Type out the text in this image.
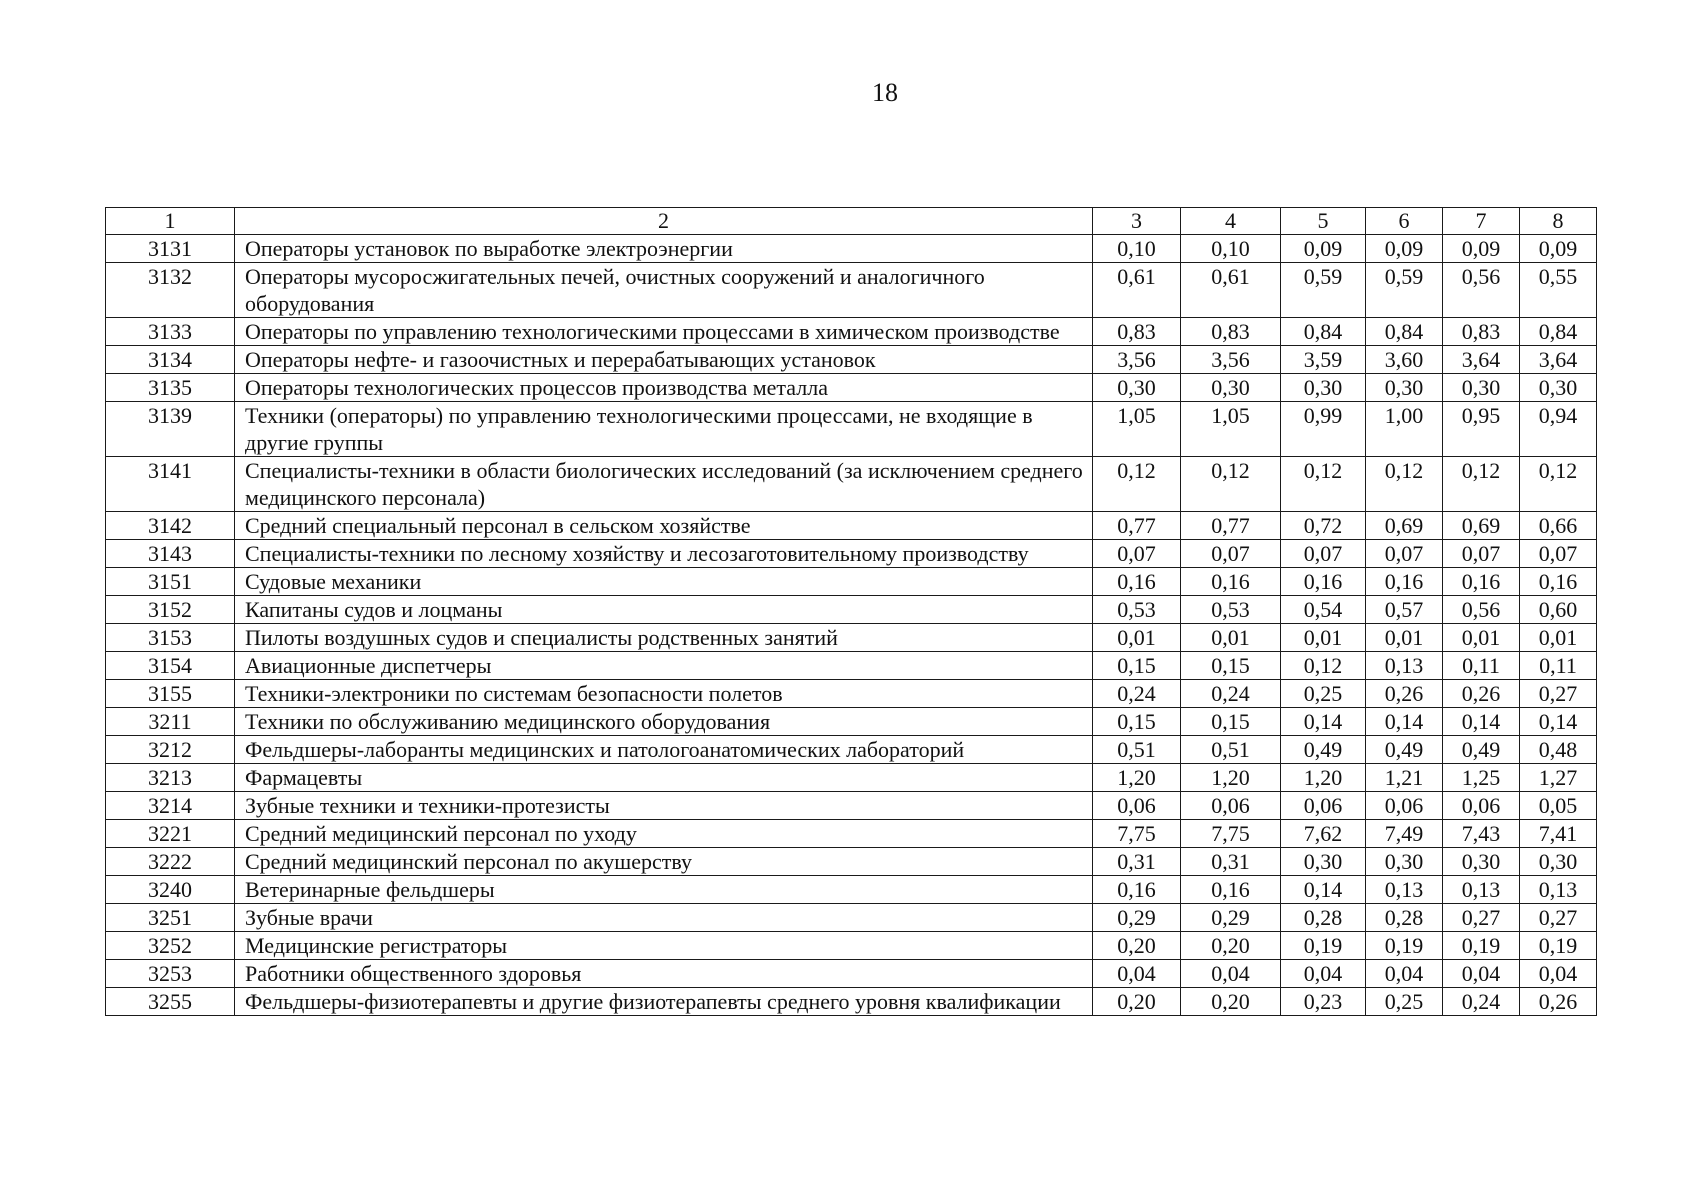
18
1	2	3	4	5	6	7	8
3131	Операторы установок по выработке электроэнергии	0,10	0,10	0,09	0,09	0,09	0,09
3132	Операторы мусоросжигательных печей, очистных сооружений и аналогичного оборудования	0,61	0,61	0,59	0,59	0,56	0,55
3133	Операторы по управлению технологическими процессами в химическом производстве	0,83	0,83	0,84	0,84	0,83	0,84
3134	Операторы нефте- и газоочистных и перерабатывающих установок	3,56	3,56	3,59	3,60	3,64	3,64
3135	Операторы технологических процессов производства металла	0,30	0,30	0,30	0,30	0,30	0,30
3139	Техники (операторы) по управлению технологическими процессами, не входящие в другие группы	1,05	1,05	0,99	1,00	0,95	0,94
3141	Специалисты-техники в области биологических исследований (за исключением среднего медицинского персонала)	0,12	0,12	0,12	0,12	0,12	0,12
3142	Средний специальный персонал в сельском хозяйстве	0,77	0,77	0,72	0,69	0,69	0,66
3143	Специалисты-техники по лесному хозяйству и лесозаготовительному производству	0,07	0,07	0,07	0,07	0,07	0,07
3151	Судовые механики	0,16	0,16	0,16	0,16	0,16	0,16
3152	Капитаны судов и лоцманы	0,53	0,53	0,54	0,57	0,56	0,60
3153	Пилоты воздушных судов и специалисты родственных занятий	0,01	0,01	0,01	0,01	0,01	0,01
3154	Авиационные диспетчеры	0,15	0,15	0,12	0,13	0,11	0,11
3155	Техники-электроники по системам безопасности полетов	0,24	0,24	0,25	0,26	0,26	0,27
3211	Техники по обслуживанию медицинского оборудования	0,15	0,15	0,14	0,14	0,14	0,14
3212	Фельдшеры-лаборанты медицинских и патологоанатомических лабораторий	0,51	0,51	0,49	0,49	0,49	0,48
3213	Фармацевты	1,20	1,20	1,20	1,21	1,25	1,27
3214	Зубные техники и техники-протезисты	0,06	0,06	0,06	0,06	0,06	0,05
3221	Средний медицинский персонал по уходу	7,75	7,75	7,62	7,49	7,43	7,41
3222	Средний медицинский персонал по акушерству	0,31	0,31	0,30	0,30	0,30	0,30
3240	Ветеринарные фельдшеры	0,16	0,16	0,14	0,13	0,13	0,13
3251	Зубные врачи	0,29	0,29	0,28	0,28	0,27	0,27
3252	Медицинские регистраторы	0,20	0,20	0,19	0,19	0,19	0,19
3253	Работники общественного здоровья	0,04	0,04	0,04	0,04	0,04	0,04
3255	Фельдшеры-физиотерапевты и другие физиотерапевты среднего уровня квалификации	0,20	0,20	0,23	0,25	0,24	0,26
